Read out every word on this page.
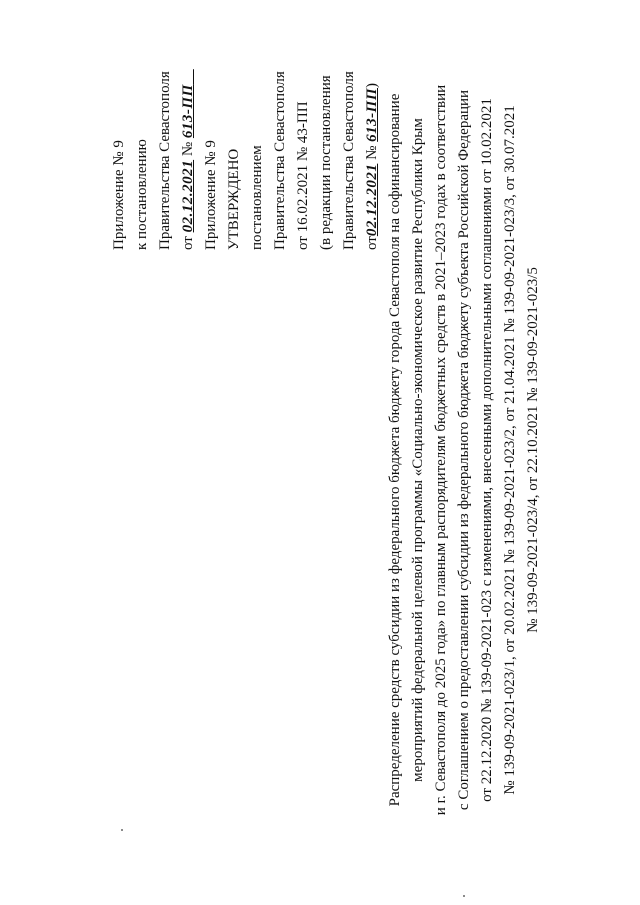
Приложение № 9 к постановлению Правительства Севастополя от 02.12.2021 № 613-ПП
Приложение № 9 УТВЕРЖДЕНО постановлением Правительства Севастополя от 16.02.2021 № 43-ПП (в редакции постановления Правительства Севастополя от02.12.2021 № 613-ПП)
Распределение средств субсидии из федерального бюджета бюджету города Севастополя на софинансирование мероприятий федеральной целевой программы «Социально-экономическое развитие Республики Крым и г. Севастополя до 2025 года» по главным распорядителям бюджетных средств в 2021–2023 годах в соответствии с Соглашением о предоставлении субсидии из федерального бюджета бюджету субъекта Российской Федерации от 22.12.2020 № 139-09-2021-023 с изменениями, внесенными дополнительными соглашениями от 10.02.2021 № 139-09-2021-023/1, от 20.02.2021 № 139-09-2021-023/2, от 21.04.2021 № 139-09-2021-023/3, от 30.07.2021 № 139-09-2021-023/4, от 22.10.2021 № 139-09-2021-023/5
